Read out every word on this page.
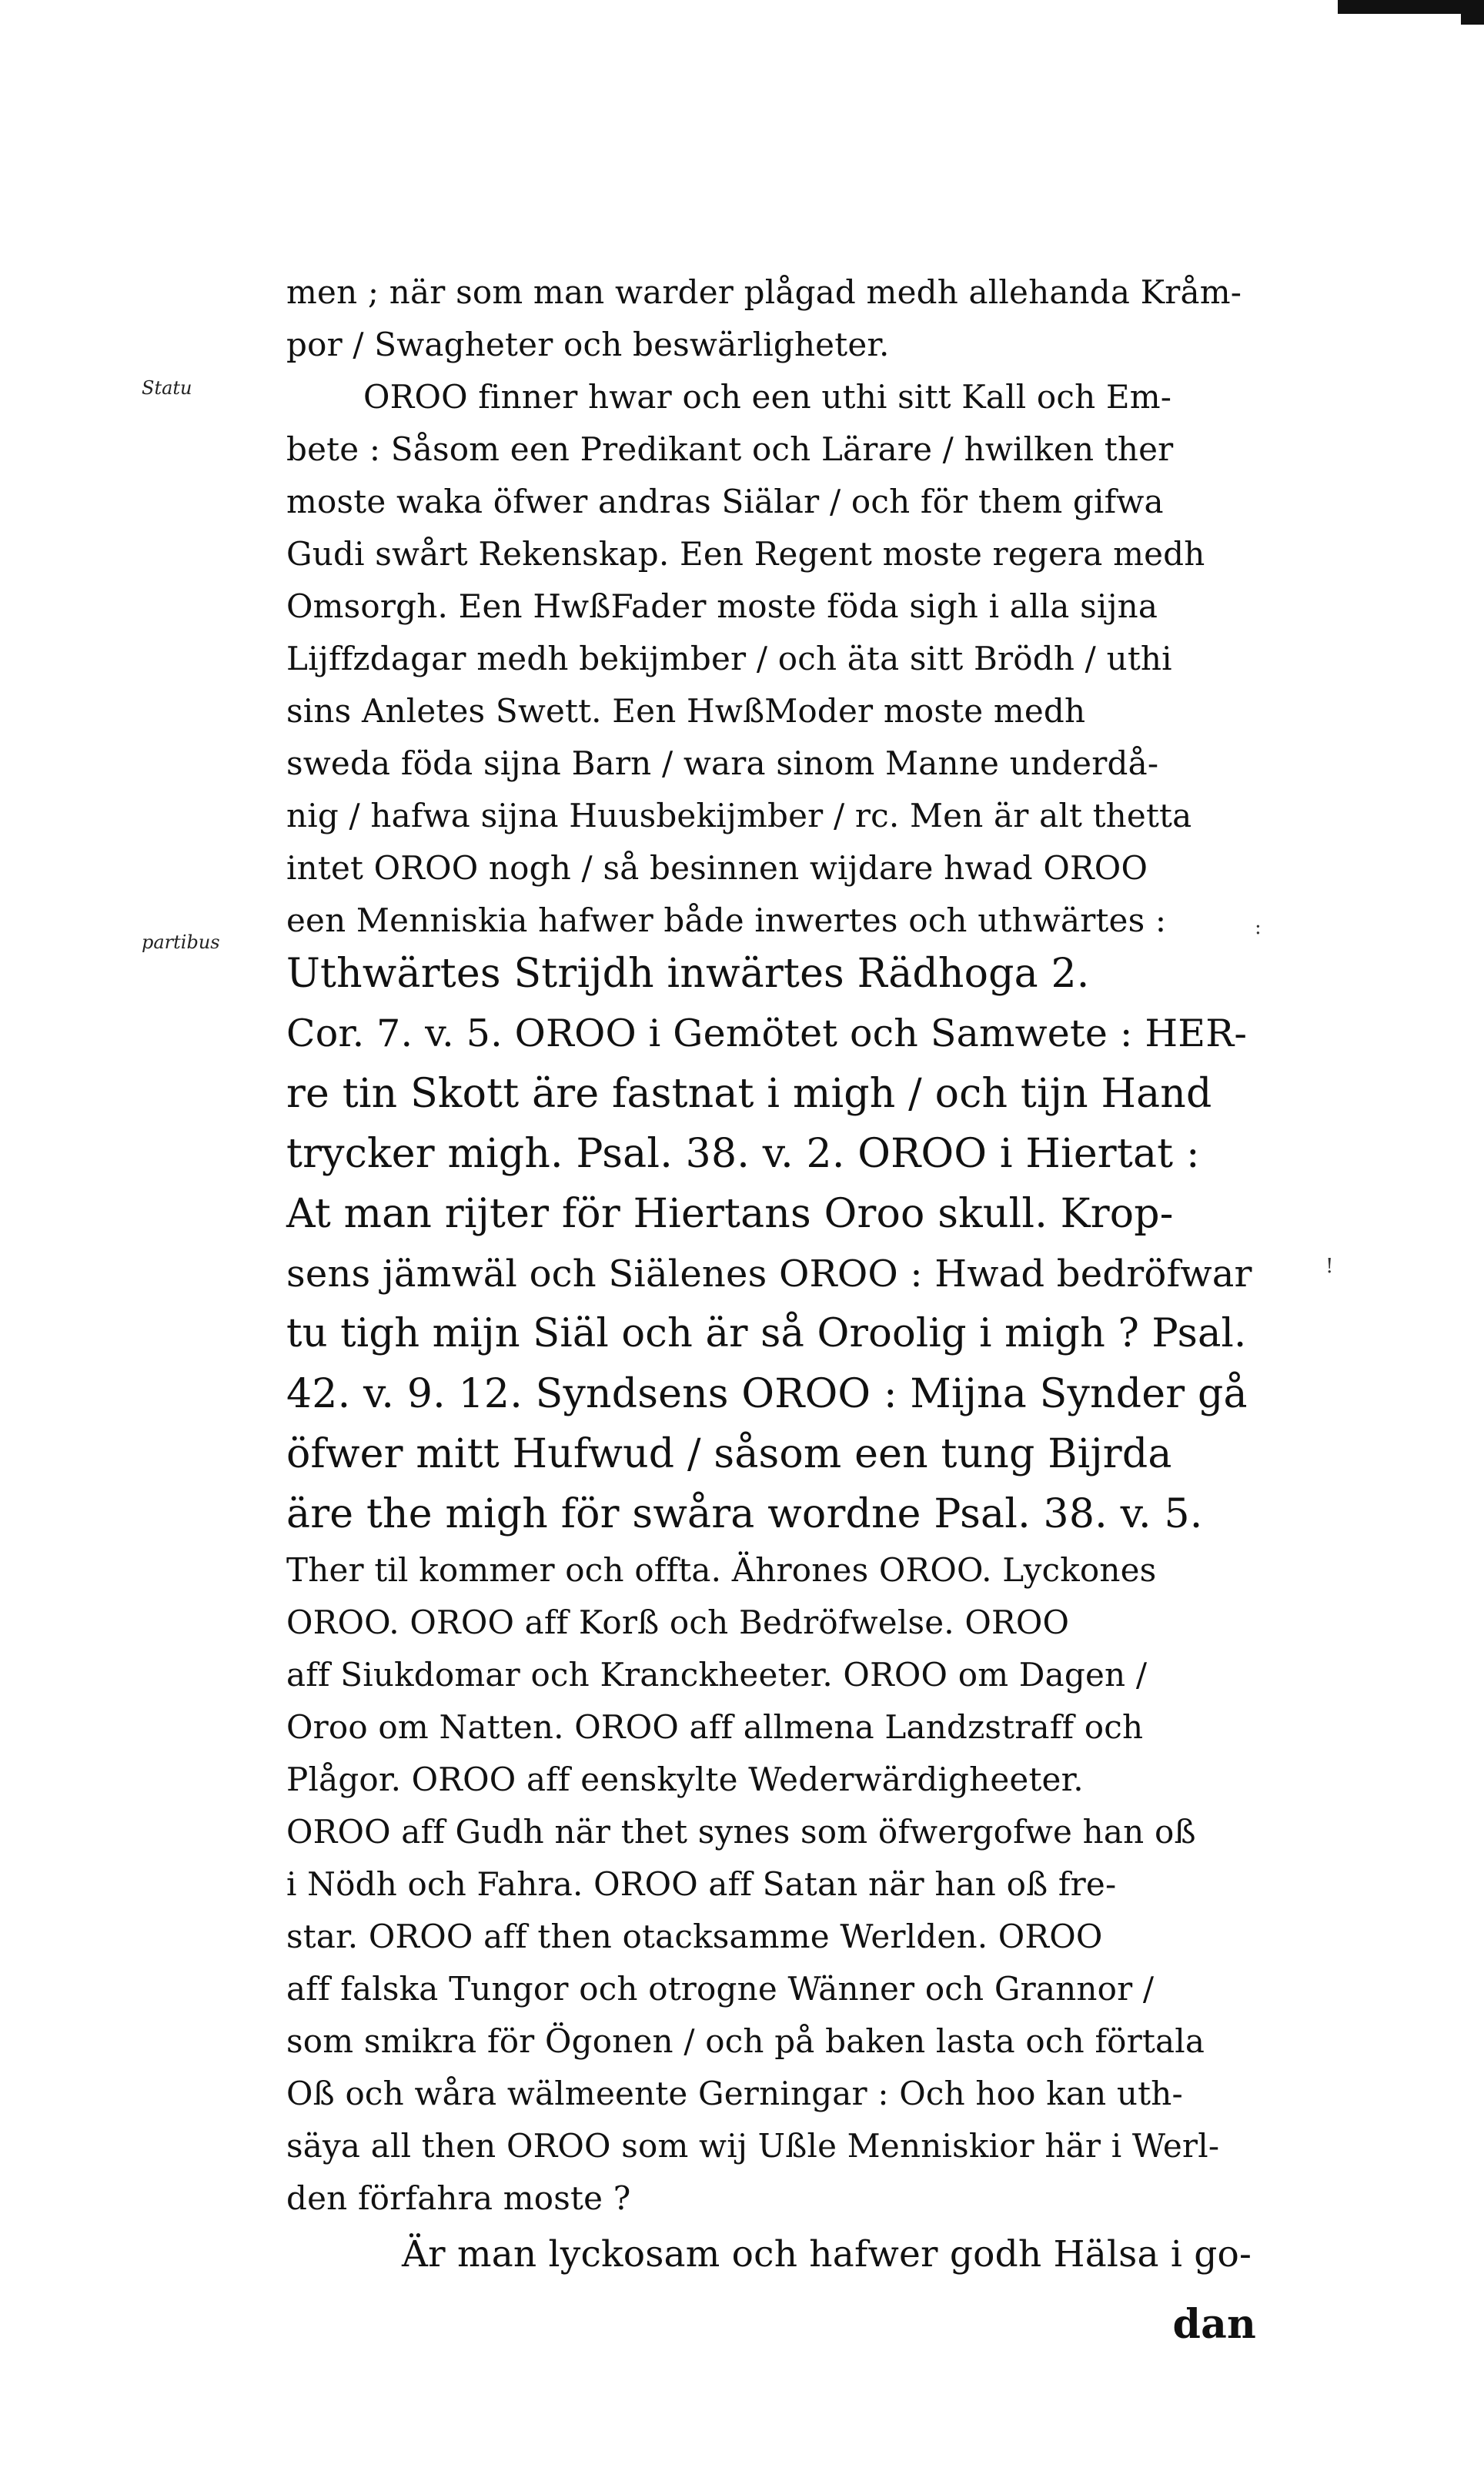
Statu
partibus
:
!
men ; när som man warder plågad medh allehanda Kråm-
por / Swagheter och beswärligheter.
OROO finner hwar och een uthi sitt Kall och Em-
bete : Såsom een Predikant och Lärare / hwilken ther
moste waka öfwer andras Siälar / och för them gifwa
Gudi swårt Rekenskap. Een Regent moste regera medh
Omsorgh. Een HwßFader moste föda sigh i alla sijna
Lijffzdagar medh bekijmber / och äta sitt Brödh / uthi
sins Anletes Swett. Een HwßModer moste medh
sweda föda sijna Barn / wara sinom Manne underdå-
nig / hafwa sijna Huusbekijmber / rc. Men är alt thetta
intet OROO nogh / så besinnen wijdare hwad OROO
een Menniskia hafwer både inwertes och uthwärtes :
Uthwärtes Strijdh inwärtes Rädhoga 2.
Cor. 7. v. 5. OROO i Gemötet och Samwete : HER-
re tin Skott äre fastnat i migh / och tijn Hand
trycker migh. Psal. 38. v. 2. OROO i Hiertat :
At man rijter för Hiertans Oroo skull. Krop-
sens jämwäl och Siälenes OROO : Hwad bedröfwar
tu tigh mijn Siäl och är så Oroolig i migh ? Psal.
42. v. 9. 12. Syndsens OROO : Mijna Synder gå
öfwer mitt Hufwud / såsom een tung Bijrda
äre the migh för swåra wordne Psal. 38. v. 5.
Ther til kommer och offta. Ährones OROO. Lyckones
OROO. OROO aff Korß och Bedröfwelse. OROO
aff Siukdomar och Kranckheeter. OROO om Dagen /
Oroo om Natten. OROO aff allmena Landzstraff och
Plågor. OROO aff eenskylte Wederwärdigheeter.
OROO aff Gudh när thet synes som öfwergofwe han oß
i Nödh och Fahra. OROO aff Satan när han oß fre-
star. OROO aff then otacksamme Werlden. OROO
aff falska Tungor och otrogne Wänner och Grannor /
som smikra för Ögonen / och på baken lasta och förtala
Oß och wåra wälmeente Gerningar : Och hoo kan uth-
säya all then OROO som wij Ußle Menniskior här i Werl-
den förfahra moste ?
Är man lyckosam och hafwer godh Hälsa i go-
dan
